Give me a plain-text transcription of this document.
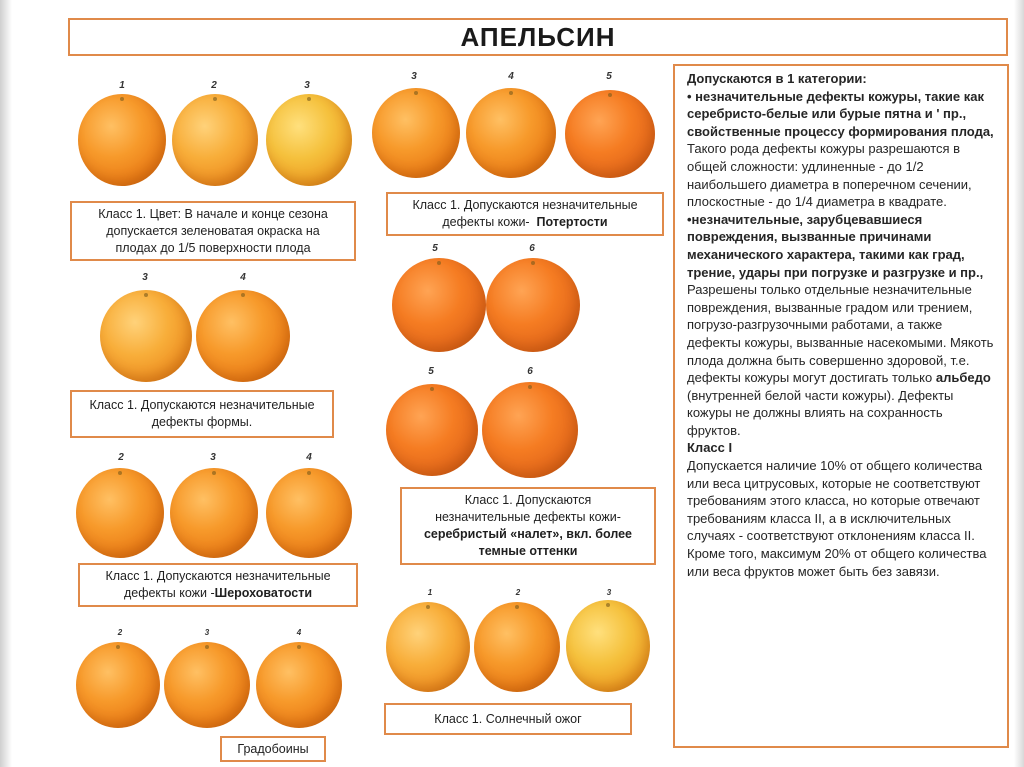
АПЕЛЬСИН
1	2	3
Класс 1. Цвет: В начале и конце сезона
допускается зеленоватая окраска на
плодах до 1/5 поверхности плода
3	4	5
Класс 1. Допускаются незначительные
дефекты кожи- Потертости
3	4
Класс 1. Допускаются незначительные
дефекты формы.
5	6
5	6
Класс 1. Допускаются
незначительные дефекты кожи-
серебристый «налет», вкл. более
темные оттенки
2	3	4
Класс 1. Допускаются незначительные
дефекты кожи -Шероховатости	1	2	3
Класс 1. Солнечный ожог
2	3	4
Градобоины

Допускаются в 1 категории:

• незначительные дефекты кожуры, такие как серебристо-белые или бурые пятна и ' пр., свойственные процессу формирования плода,

Такого рода дефекты кожуры разрешаются в общей сложности: удлиненные - до 1/2 наибольшего диаметра в поперечном сечении, плоскостные - до 1/4 диаметра в квадрате.

•незначительные, зарубцевавшиеся повреждения, вызванные причинами механического характера, такими как град, трение, удары при погрузке и разгрузке и пр.,

Разрешены только отдельные незначительные повреждения, вызванные градом или трением, погрузо-разгрузочными работами, а также дефекты кожуры, вызванные насекомыми. Мякоть плода должна быть совершенно здоровой, т.е. дефекты кожуры могут достигать только альбедо (внутренней белой части кожуры). Дефекты кожуры не должны влиять на сохранность фруктов.

Класс I

Допускается наличие 10% от общего количества или веса цитрусовых, которые не соответствуют требованиям этого класса, но которые отвечают требованиям класса II, а в исключительных случаях - соответствуют отклонениям класса II. Кроме того, максимум 20% от общего количества или веса фруктов может быть без завязи.
